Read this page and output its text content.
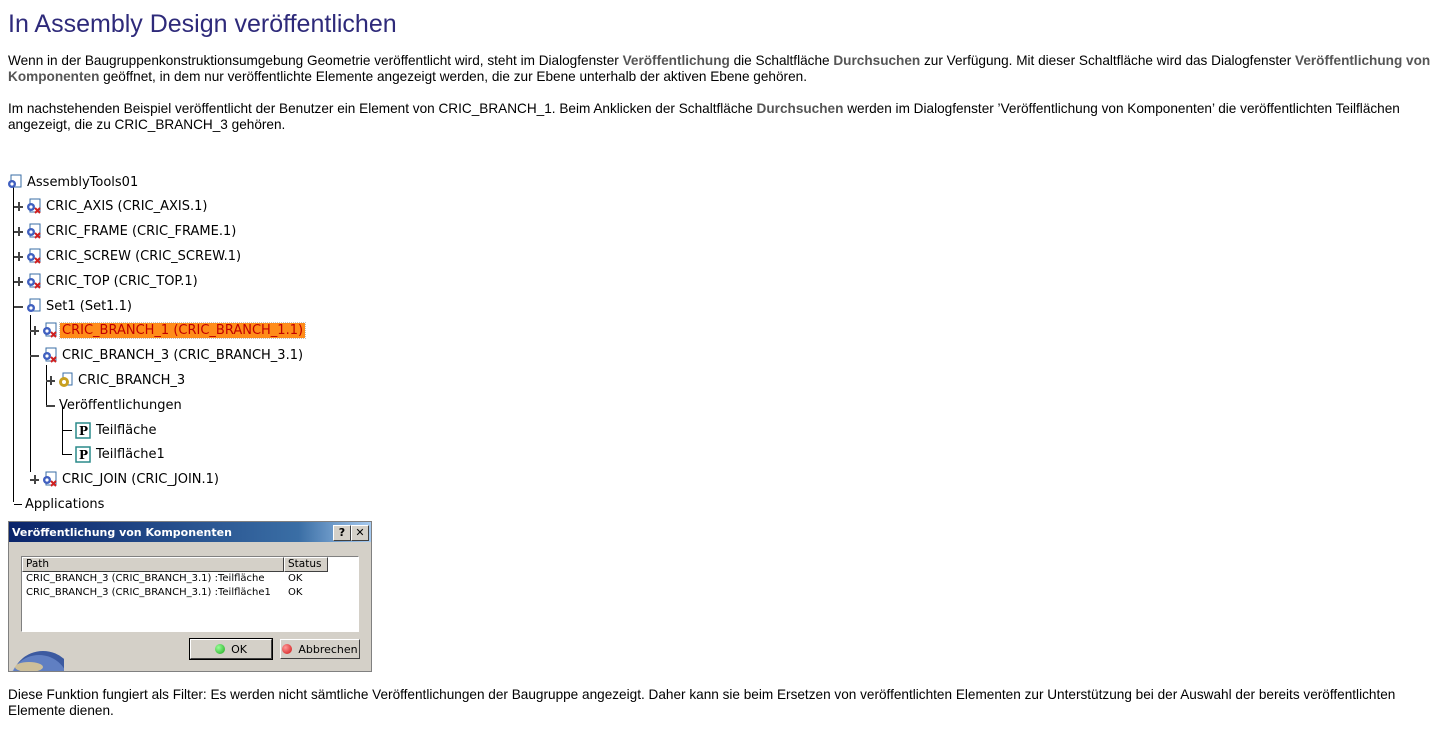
In Assembly Design veröffentlichen

Wenn in der Baugruppenkonstruktionsumgebung Geometrie veröffentlicht wird, steht im Dialogfenster Veröffentlichung die Schaltfläche Durchsuchen zur Verfügung. Mit dieser Schaltfläche wird das Dialogfenster Veröffentlichung von Komponenten geöffnet, in dem nur veröffentlichte Elemente angezeigt werden, die zur Ebene unterhalb der aktiven Ebene gehören.

Im nachstehenden Beispiel veröffentlicht der Benutzer ein Element von CRIC_BRANCH_1. Beim Anklicken der Schaltfläche Durchsuchen werden im Dialogfenster ’Veröffentlichung von Komponenten’ die veröffentlichten Teilflächen angezeigt, die zu CRIC_BRANCH_3 gehören.

AssemblyTools01
CRIC_AXIS (CRIC_AXIS.1)
CRIC_FRAME (CRIC_FRAME.1)
CRIC_SCREW (CRIC_SCREW.1)
CRIC_TOP (CRIC_TOP.1)
Set1 (Set1.1)
CRIC_BRANCH_1 (CRIC_BRANCH_1.1)
CRIC_BRANCH_3 (CRIC_BRANCH_3.1)
CRIC_BRANCH_3
Veröffentlichungen
P Teilfläche
P Teilfläche1
CRIC_JOIN (CRIC_JOIN.1)
Applications
Veröffentlichung von Komponenten	? ✕
Path	Status
CRIC_BRANCH_3 (CRIC_BRANCH_3.1) :Teilfläche	OK
CRIC_BRANCH_3 (CRIC_BRANCH_3.1) :Teilfläche1	OK
OK	Abbrechen

Diese Funktion fungiert als Filter: Es werden nicht sämtliche Veröffentlichungen der Baugruppe angezeigt. Daher kann sie beim Ersetzen von veröffentlichten Elementen zur Unterstützung bei der Auswahl der bereits veröffentlichten Elemente dienen.
